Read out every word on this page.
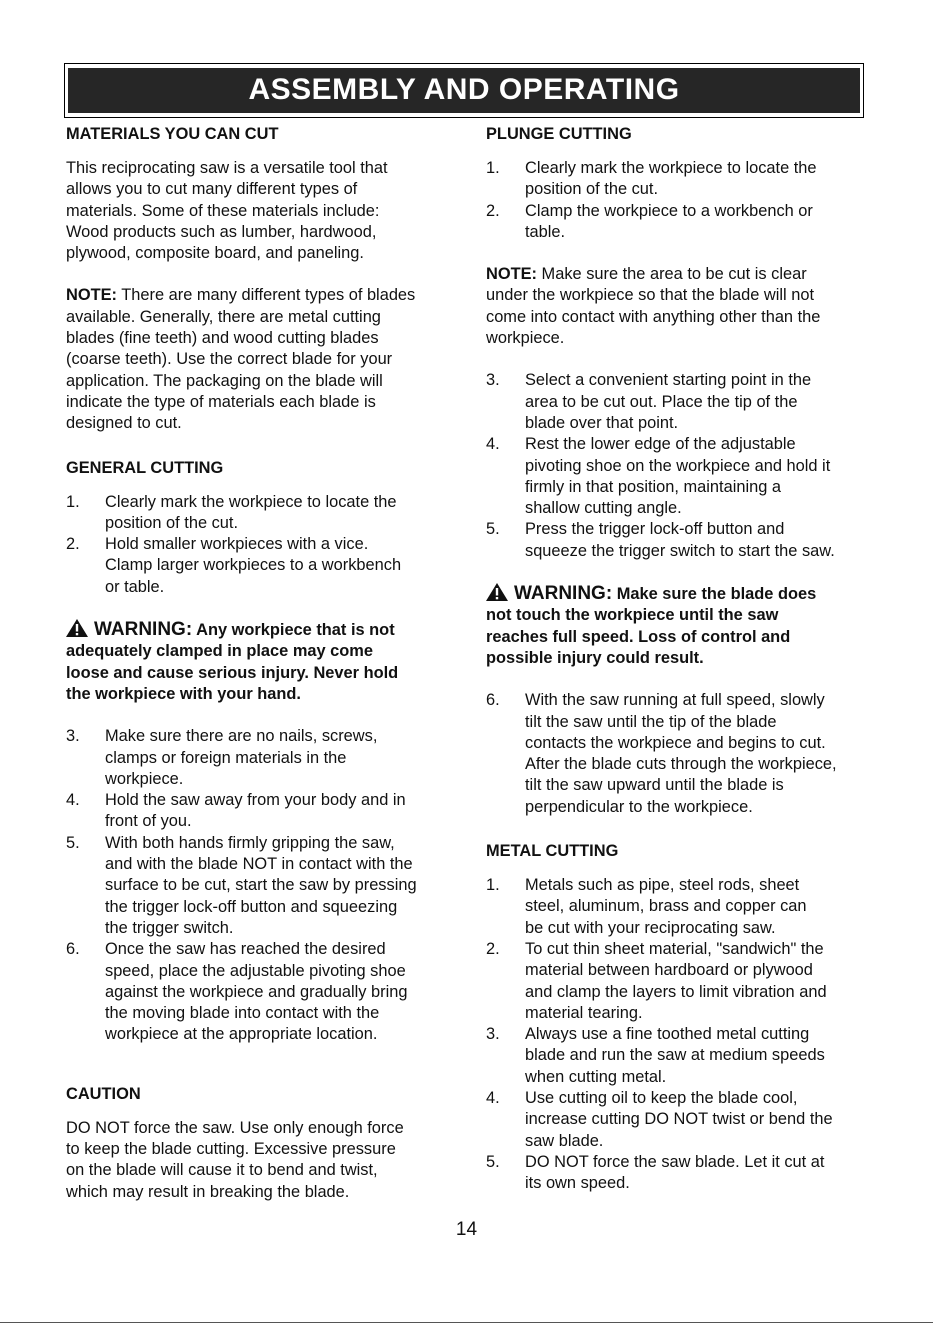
ASSEMBLY AND OPERATING
MATERIALS YOU CAN CUT
This reciprocating saw is a versatile tool that
allows you to cut many different types of
materials. Some of these materials include:
Wood products such as lumber, hardwood,
plywood, composite board, and paneling.
NOTE: There are many different types of blades
available. Generally, there are metal cutting
blades (fine teeth) and wood cutting blades
(coarse teeth). Use the correct blade for your
application. The packaging on the blade will
indicate the type of materials each blade is
designed to cut.
GENERAL CUTTING
1.	Clearly mark the workpiece to locate the
position of the cut.
2.	Hold smaller workpieces with a vice.
Clamp larger workpieces to a workbench
or table.
WARNING: Any workpiece that is not
adequately clamped in place may come
loose and cause serious injury. Never hold
the workpiece with your hand.
3.	Make sure there are no nails, screws,
clamps or foreign materials in the
workpiece.
4.	Hold the saw away from your body and in
front of you.
5.	With both hands firmly gripping the saw,
and with the blade NOT in contact with the
surface to be cut, start the saw by pressing
the trigger lock-off button and squeezing
the trigger switch.
6.	Once the saw has reached the desired
speed, place the adjustable pivoting shoe
against the workpiece and gradually bring
the moving blade into contact with the
workpiece at the appropriate location.
CAUTION
DO NOT force the saw. Use only enough force
to keep the blade cutting. Excessive pressure
on the blade will cause it to bend and twist,
which may result in breaking the blade.
PLUNGE CUTTING
1.	Clearly mark the workpiece to locate the
position of the cut.
2.	Clamp the workpiece to a workbench or
table.
NOTE: Make sure the area to be cut is clear
under the workpiece so that the blade will not
come into contact with anything other than the
workpiece.
3.	Select a convenient starting point in the
area to be cut out. Place the tip of the
blade over that point.
4.	Rest the lower edge of the adjustable
pivoting shoe on the workpiece and hold it
firmly in that position, maintaining a
shallow cutting angle.
5.	Press the trigger lock-off button and
squeeze the trigger switch to start the saw.
WARNING: Make sure the blade does
not touch the workpiece until the saw
reaches full speed. Loss of control and
possible injury could result.
6.	With the saw running at full speed, slowly
tilt the saw until the tip of the blade
contacts the workpiece and begins to cut.
After the blade cuts through the workpiece,
tilt the saw upward until the blade is
perpendicular to the workpiece.
METAL CUTTING
1.	Metals such as pipe, steel rods, sheet
steel, aluminum, brass and copper can
be cut with your reciprocating saw.
2.	To cut thin sheet material, "sandwich" the
material between hardboard or plywood
and clamp the layers to limit vibration and
material tearing.
3.	Always use a fine toothed metal cutting
blade and run the saw at medium speeds
when cutting metal.
4.	Use cutting oil to keep the blade cool,
increase cutting DO NOT twist or bend the
saw blade.
5.	DO NOT force the saw blade. Let it cut at
its own speed.
14
